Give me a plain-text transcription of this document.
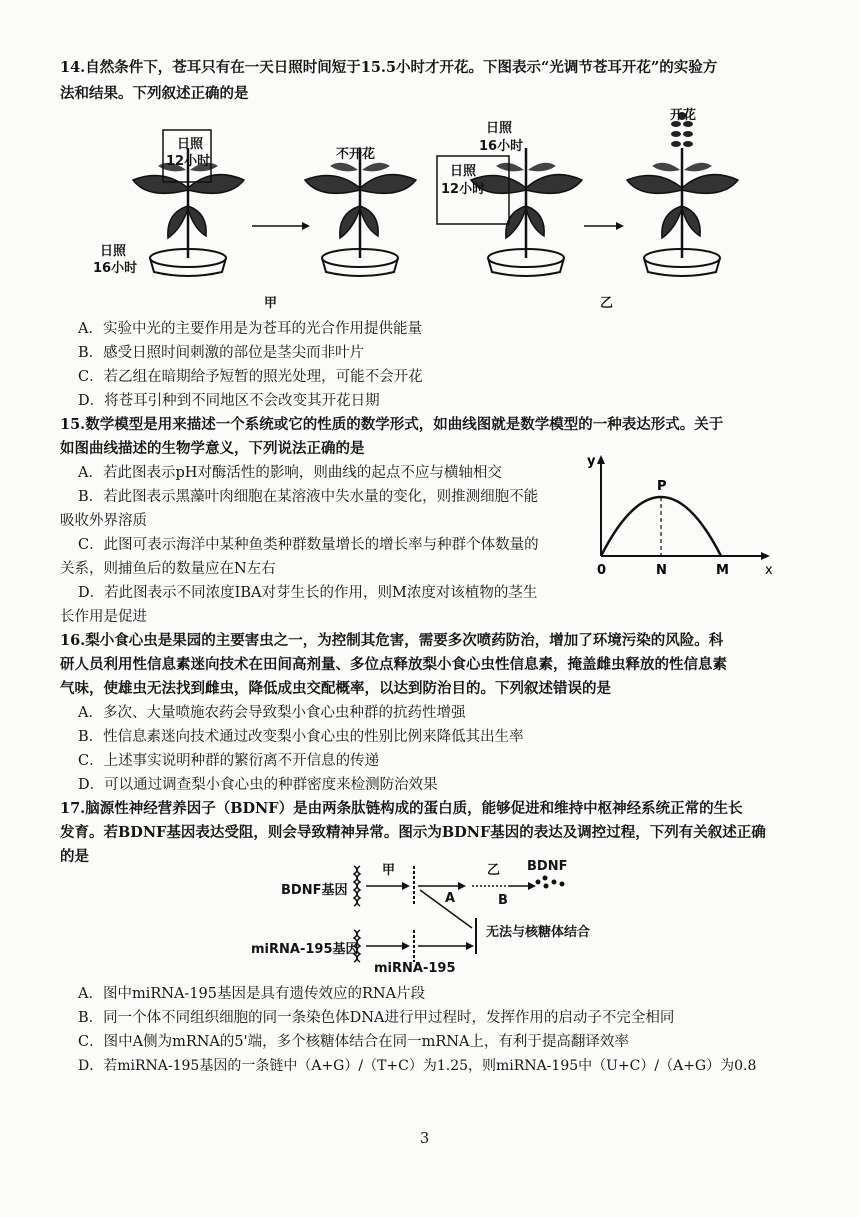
14.自然条件下，苍耳只有在一天日照时间短于15.5小时才开花。下图表示“光调节苍耳开花”的实验方
法和结果。下列叙述正确的是
日照
12小时
日照
16小时
不开花
日照
16小时
日照
12小时
开花
甲	乙
A．实验中光的主要作用是为苍耳的光合作用提供能量
B．感受日照时间刺激的部位是茎尖而非叶片
C．若乙组在暗期给予短暂的照光处理，可能不会开花
D．将苍耳引种到不同地区不会改变其开花日期
15.数学模型是用来描述一个系统或它的性质的数学形式，如曲线图就是数学模型的一种表达形式。关于
如图曲线描述的生物学意义，下列说法正确的是
A．若此图表示pH对酶活性的影响，则曲线的起点不应与横轴相交
B．若此图表示黑藻叶肉细胞在某溶液中失水量的变化，则推测细胞不能
吸收外界溶质
C．此图可表示海洋中某种鱼类种群数量增长的增长率与种群个体数量的
关系，则捕鱼后的数量应在N左右
D．若此图表示不同浓度IBA对芽生长的作用，则M浓度对该植物的茎生
长作用是促进
y
P
0	N	M	x
16.梨小食心虫是果园的主要害虫之一，为控制其危害，需要多次喷药防治，增加了环境污染的风险。科
研人员利用性信息素迷向技术在田间高剂量、多位点释放梨小食心虫性信息素，掩盖雌虫释放的性信息素
气味，使雄虫无法找到雌虫，降低成虫交配概率，以达到防治目的。下列叙述错误的是
A．多次、大量喷施农药会导致梨小食心虫种群的抗药性增强
B．性信息素迷向技术通过改变梨小食心虫的性别比例来降低其出生率
C．上述事实说明种群的繁衍离不开信息的传递
D．可以通过调查梨小食心虫的种群密度来检测防治效果
17.脑源性神经营养因子（BDNF）是由两条肽链构成的蛋白质，能够促进和维持中枢神经系统正常的生长
发育。若BDNF基因表达受阻，则会导致精神异常。图示为BDNF基因的表达及调控过程，下列有关叙述正确
的是
甲	乙 BDNF
BDNF基因
A	B
无法与核糖体结合
miRNA-195基因
miRNA-195
A．图中miRNA-195基因是具有遗传效应的RNA片段
B．同一个体不同组织细胞的同一条染色体DNA进行甲过程时，发挥作用的启动子不完全相同
C．图中A侧为mRNA的5'端，多个核糖体结合在同一mRNA上，有利于提高翻译效率
D．若miRNA-195基因的一条链中（A+G）/（T+C）为1.25，则miRNA-195中（U+C）/（A+G）为0.8
3
